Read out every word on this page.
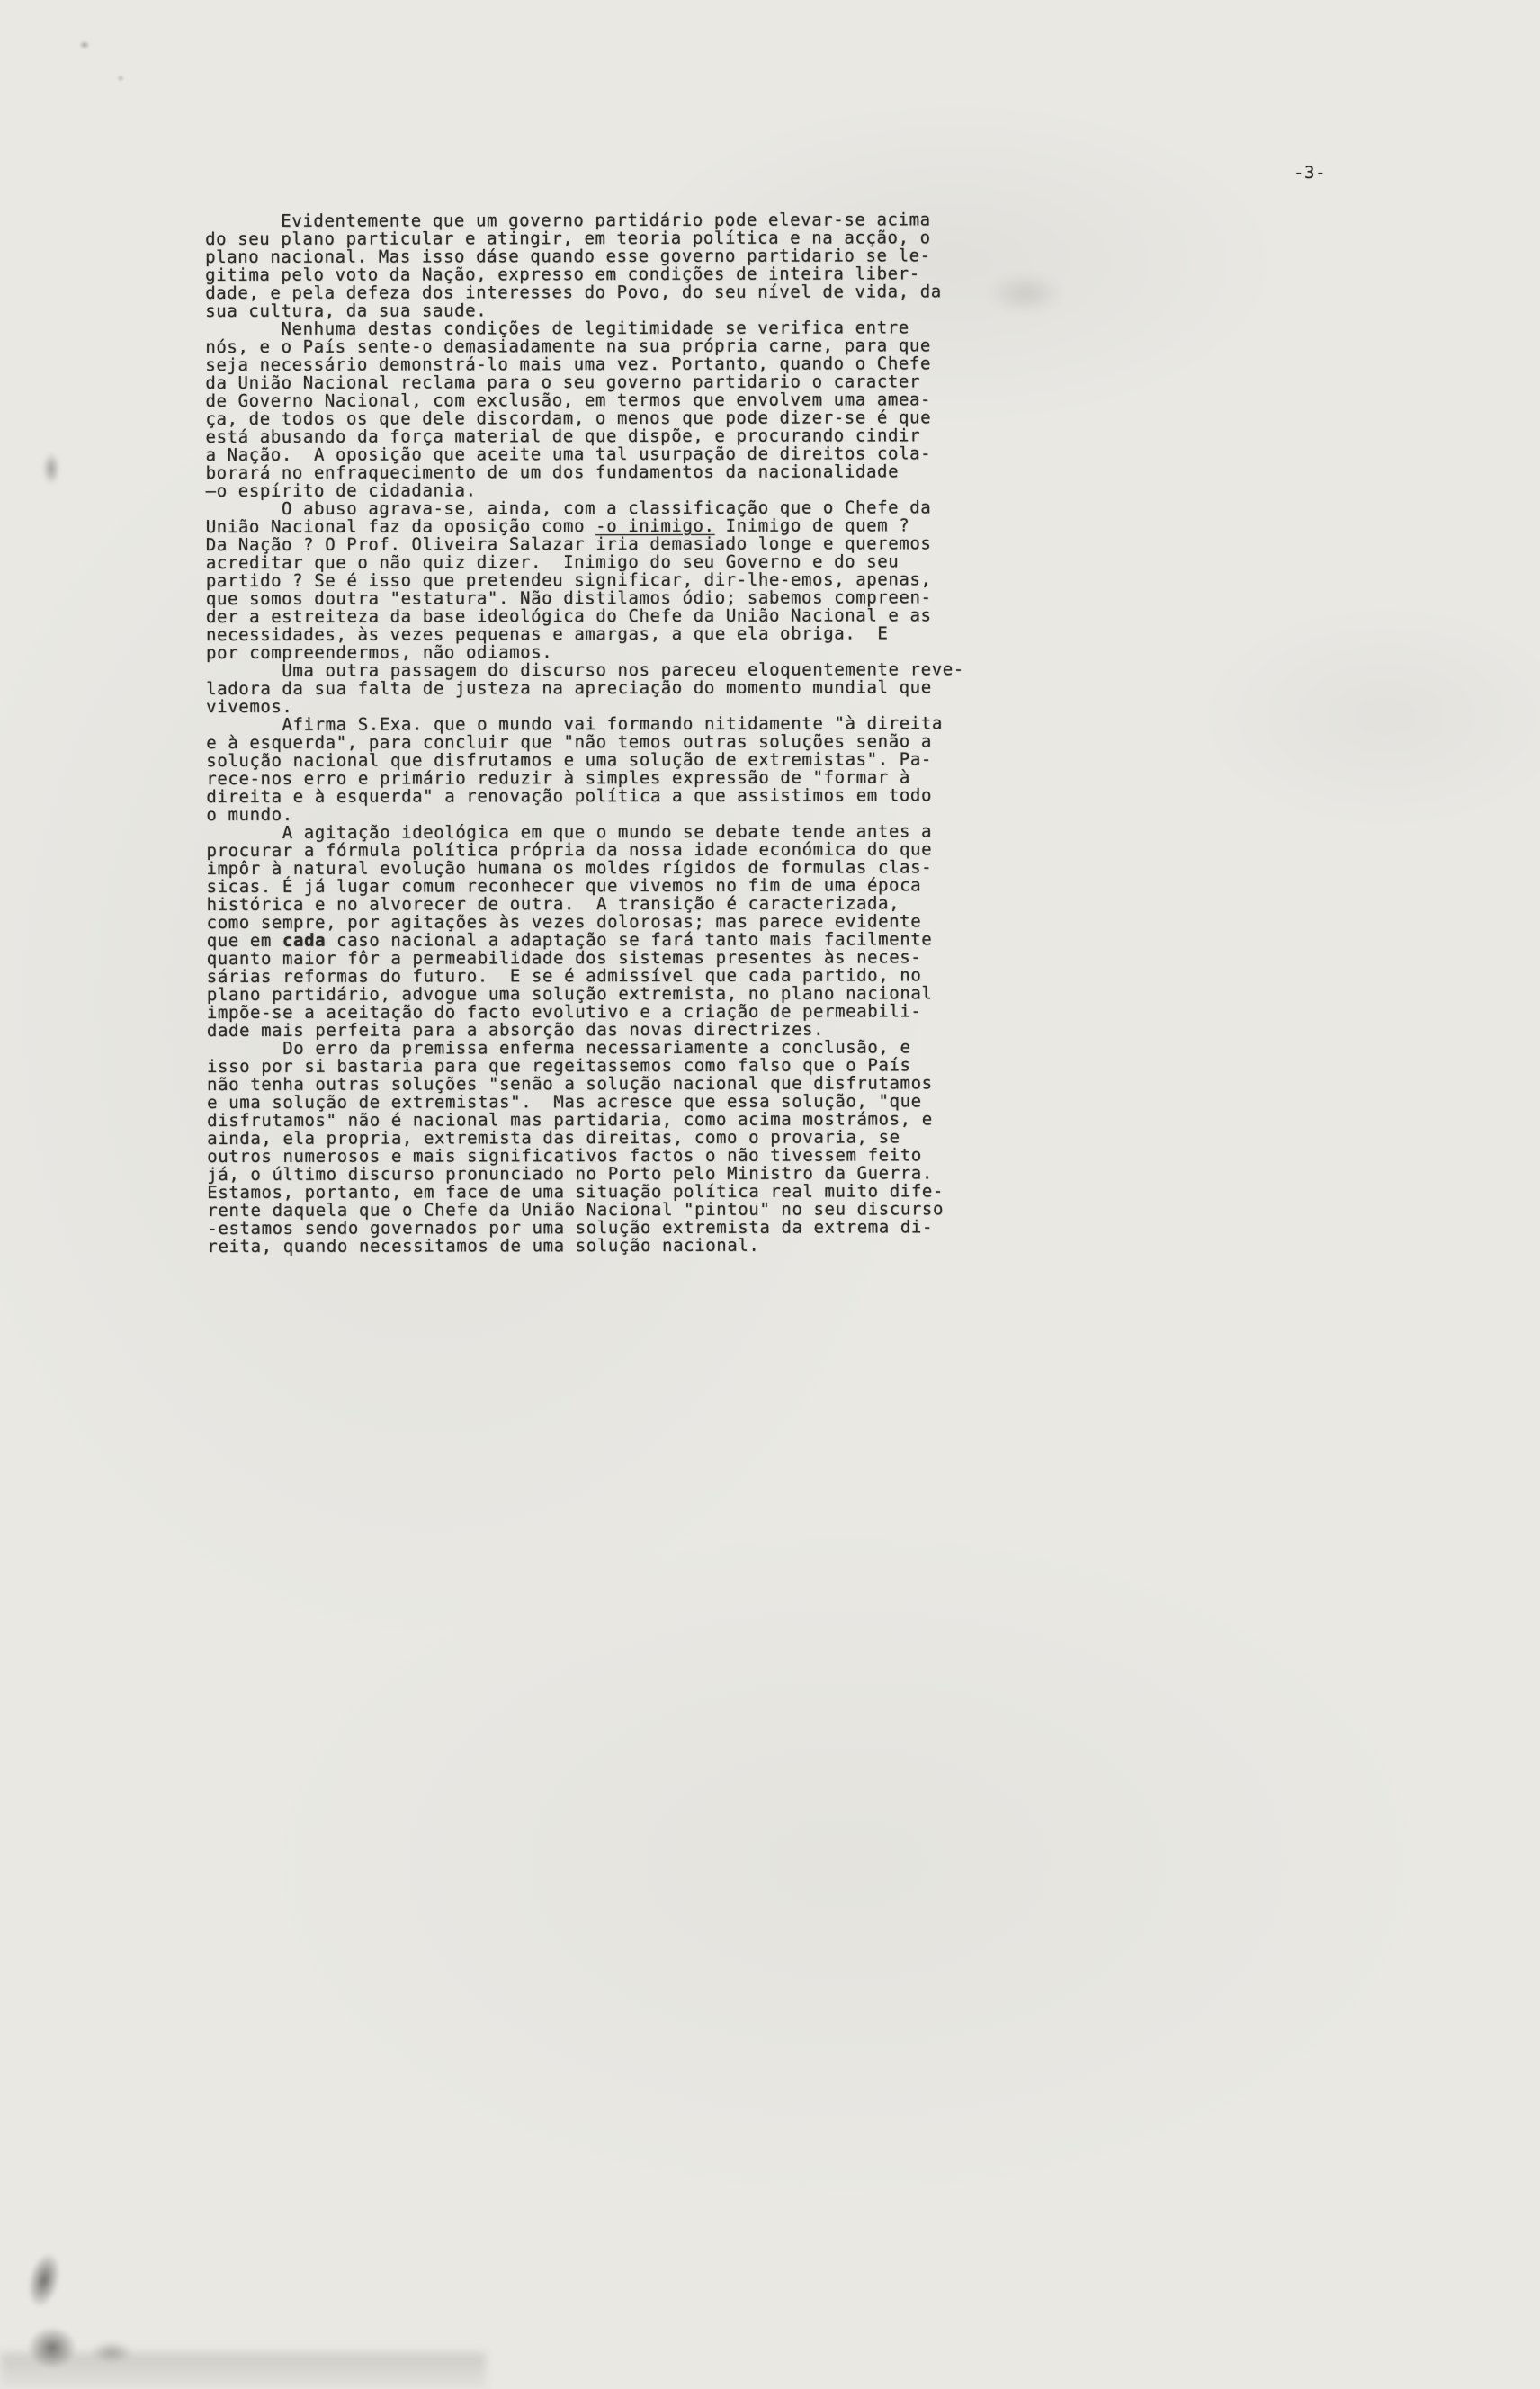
-3-

Evidentemente que um governo partidário pode elevar-se acima
do seu plano particular e atingir, em teoria política e na acção, o
plano nacional. Mas isso dáse quando esse governo partidario se le-
gitima pelo voto da Nação, expresso em condições de inteira liber-
dade, e pela defeza dos interesses do Povo, do seu nível de vida, da
sua cultura, da sua saude.

Nenhuma destas condições de legitimidade se verifica entre
nós, e o País sente-o demasiadamente na sua própria carne, para que
seja necessário demonstrá-lo mais uma vez. Portanto, quando o Chefe
da União Nacional reclama para o seu governo partidario o caracter
de Governo Nacional, com exclusão, em termos que envolvem uma amea-
ça, de todos os que dele discordam, o menos que pode dizer-se é que
está abusando da força material de que dispõe, e procurando cindir
a Nação.  A oposição que aceite uma tal usurpação de direitos cola-
borará no enfraquecimento de um dos fundamentos da nacionalidade
—o espírito de cidadania.

O abuso agrava-se, ainda, com a classificação que o Chefe da
União Nacional faz da oposição como -o inimigo. Inimigo de quem ?
Da Nação ? O Prof. Oliveira Salazar iria demasiado longe e queremos
acreditar que o não quiz dizer.  Inimigo do seu Governo e do seu
partido ? Se é isso que pretendeu significar, dir-lhe-emos, apenas,
que somos doutra "estatura". Não distilamos ódio; sabemos compreen-
der a estreiteza da base ideológica do Chefe da União Nacional e as
necessidades, às vezes pequenas e amargas, a que ela obriga.  E
por compreendermos, não odiamos.

Uma outra passagem do discurso nos pareceu eloquentemente reve-
ladora da sua falta de justeza na apreciação do momento mundial que
vivemos.

Afirma S.Exa. que o mundo vai formando nitidamente "à direita
e à esquerda", para concluir que "não temos outras soluções senão a
solução nacional que disfrutamos e uma solução de extremistas". Pa-
rece-nos erro e primário reduzir à simples expressão de "formar à
direita e à esquerda" a renovação política a que assistimos em todo
o mundo.

A agitação ideológica em que o mundo se debate tende antes a
procurar a fórmula política própria da nossa idade económica do que
impôr à natural evolução humana os moldes rígidos de formulas clas-
sicas. É já lugar comum reconhecer que vivemos no fim de uma época
histórica e no alvorecer de outra.  A transição é caracterizada,
como sempre, por agitações às vezes dolorosas; mas parece evidente
que em cada caso nacional a adaptação se fará tanto mais facilmente
quanto maior fôr a permeabilidade dos sistemas presentes às neces-
sárias reformas do futuro.  E se é admissível que cada partido, no
plano partidário, advogue uma solução extremista, no plano nacional
impõe-se a aceitação do facto evolutivo e a criação de permeabili-
dade mais perfeita para a absorção das novas directrizes.

Do erro da premissa enferma necessariamente a conclusão, e
isso por si bastaria para que regeitassemos como falso que o País
não tenha outras soluções "senão a solução nacional que disfrutamos
e uma solução de extremistas".  Mas acresce que essa solução, "que
disfrutamos" não é nacional mas partidaria, como acima mostrámos, e
ainda, ela propria, extremista das direitas, como o provaria, se
outros numerosos e mais significativos factos o não tivessem feito
já, o último discurso pronunciado no Porto pelo Ministro da Guerra.
Estamos, portanto, em face de uma situação política real muito dife-
rente daquela que o Chefe da União Nacional "pintou" no seu discurso
-estamos sendo governados por uma solução extremista da extrema di-
reita, quando necessitamos de uma solução nacional.
